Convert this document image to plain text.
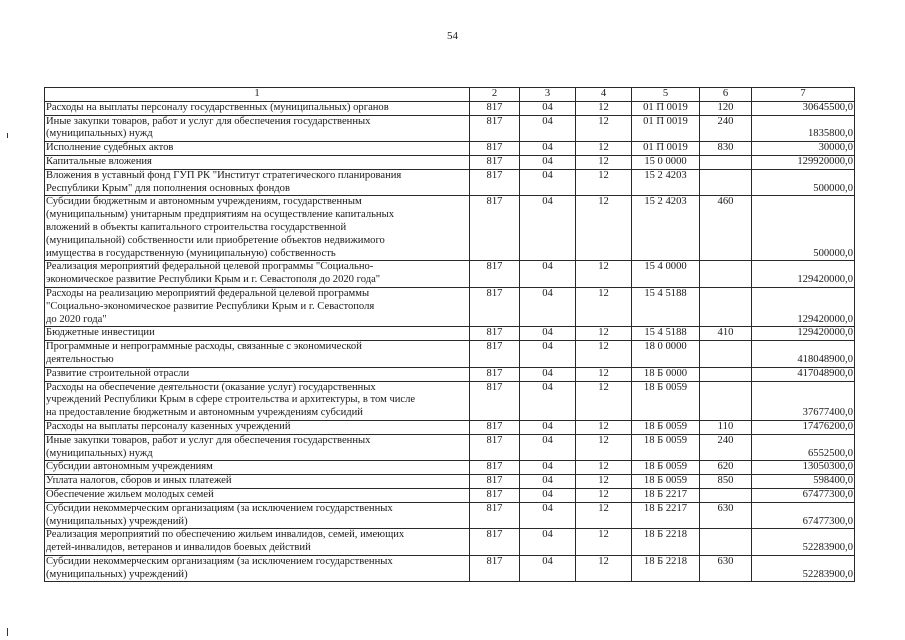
54
1	2	3	4	5	6	7
Расходы на выплаты персоналу государственных (муниципальных) органов	817	04	12	01 П 0019	120	30645500,0
Иные закупки товаров, работ и услуг для обеспечения государственных
(муниципальных) нужд	817	04	12	01 П 0019	240	1835800,0
Исполнение судебных актов	817	04	12	01 П 0019	830	30000,0
Капитальные вложения	817	04	12	15 0 0000		129920000,0
Вложения в уставный фонд ГУП РК "Институт стратегического планирования
Республики Крым" для пополнения основных фондов	817	04	12	15 2 4203		500000,0
Субсидии бюджетным и автономным учреждениям, государственным
(муниципальным) унитарным предприятиям на осуществление капитальных
вложений в объекты капитального строительства государственной
(муниципальной) собственности или приобретение объектов недвижимого
имущества в государственную (муниципальную) собственность	817	04	12	15 2 4203	460	500000,0
Реализация мероприятий федеральной целевой программы "Социально-
экономическое развитие Республики Крым и г. Севастополя до 2020 года"	817	04	12	15 4 0000		129420000,0
Расходы на реализацию мероприятий федеральной целевой программы
"Социально-экономическое развитие Республики Крым и г. Севастополя
до 2020 года"	817	04	12	15 4 5188		129420000,0
Бюджетные инвестиции	817	04	12	15 4 5188	410	129420000,0
Программные и непрограммные расходы, связанные с экономической
деятельностью	817	04	12	18 0 0000		418048900,0
Развитие строительной отрасли	817	04	12	18 Б 0000		417048900,0
Расходы на обеспечение деятельности (оказание услуг) государственных
учреждений Республики Крым в сфере строительства и архитектуры, в том числе
на предоставление бюджетным и автономным учреждениям субсидий	817	04	12	18 Б 0059		37677400,0
Расходы на выплаты персоналу казенных учреждений	817	04	12	18 Б 0059	110	17476200,0
Иные закупки товаров, работ и услуг для обеспечения государственных
(муниципальных) нужд	817	04	12	18 Б 0059	240	6552500,0
Субсидии автономным учреждениям	817	04	12	18 Б 0059	620	13050300,0
Уплата налогов, сборов и иных платежей	817	04	12	18 Б 0059	850	598400,0
Обеспечение жильем молодых семей	817	04	12	18 Б 2217		67477300,0
Субсидии некоммерческим организациям (за исключением государственных
(муниципальных) учреждений)	817	04	12	18 Б 2217	630	67477300,0
Реализация мероприятий по обеспечению жильем инвалидов, семей, имеющих
детей-инвалидов, ветеранов и инвалидов боевых действий	817	04	12	18 Б 2218		52283900,0
Субсидии некоммерческим организациям (за исключением государственных
(муниципальных) учреждений)	817	04	12	18 Б 2218	630	52283900,0
